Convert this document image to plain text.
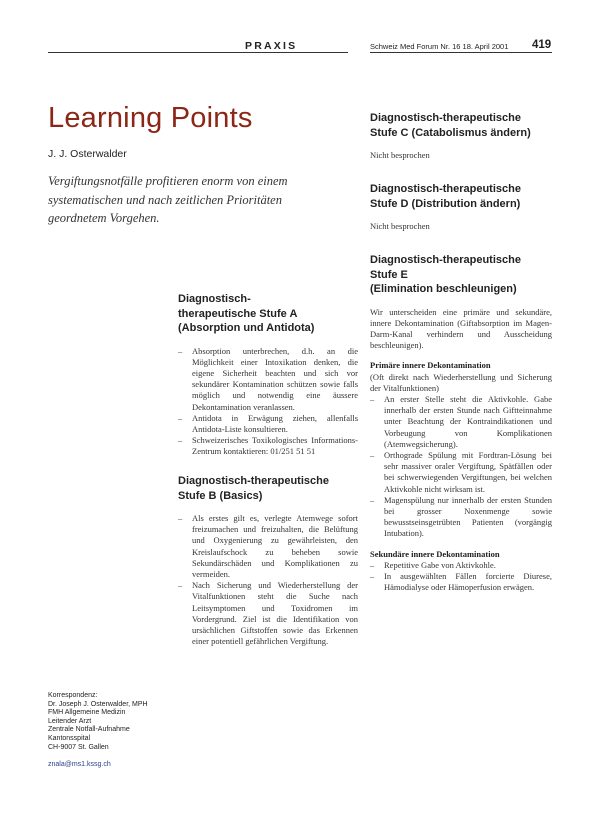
PRAXIS	Schweiz Med Forum Nr. 16 18. April 2001 419
Learning Points
J. J. Osterwalder
Vergiftungsnotfälle profitieren enorm von einem systematischen und nach zeitlichen Prioritäten geordnetem Vorgehen.
Diagnostisch-
therapeutische Stufe A
(Absorption und Antidota)
– Absorption unterbrechen, d.h. an die Möglichkeit einer Intoxikation denken, die eigene Sicherheit beachten und sich vor sekundärer Kontamination schützen sowie falls möglich und notwendig eine äussere Dekontamination veranlassen.
– Antidota in Erwägung ziehen, allenfalls Antidota-Liste konsultieren.
– Schweizerisches Toxikologisches Informations-Zentrum kontaktieren: 01/251 51 51
Diagnostisch-therapeutische
Stufe B (Basics)
– Als erstes gilt es, verlegte Atemwege sofort freizumachen und freizuhalten, die Belüftung und Oxygenierung zu gewährleisten, den Kreislaufschock zu beheben sowie Sekundärschäden und Komplikationen zu vermeiden.
– Nach Sicherung und Wiederherstellung der Vitalfunktionen steht die Suche nach Leitsymptomen und Toxidromen im Vordergrund. Ziel ist die Identifikation von ursächlichen Giftstoffen sowie das Erkennen einer potentiell gefährlichen Vergiftung.
Diagnostisch-therapeutische
Stufe C (Catabolismus ändern)

Nicht besprochen

Diagnostisch-therapeutische
Stufe D (Distribution ändern)

Nicht besprochen

Diagnostisch-therapeutische
Stufe E
(Elimination beschleunigen)

Wir unterscheiden eine primäre und sekundäre, innere Dekontamination (Giftabsorption im Magen-Darm-Kanal verhindern und Ausscheidung beschleunigen).

Primäre innere Dekontamination

(Oft direkt nach Wiederherstellung und Sicherung der Vitalfunktionen)

– An erster Stelle steht die Aktivkohle. Gabe innerhalb der ersten Stunde nach Giftteinnahme unter Beachtung der Kontraindikationen und Vorbeugung von Komplikationen (Atemwegsicherung).
– Orthograde Spülung mit Fordtran-Lösung bei sehr massiver oraler Vergiftung, Spätfällen oder bei schwerwiegenden Vergiftungen, bei welchen Aktivkohle nicht wirksam ist.
– Magenspülung nur innerhalb der ersten Stunden bei grosser Noxenmenge sowie bewusstseinsgetrübten Patienten (vorgängig Intubation).

Sekundäre innere Dekontamination

– Repetitive Gabe von Aktivkohle.
– In ausgewählten Fällen forcierte Diurese, Hämodialyse oder Hämoperfusion erwägen.
Korrespondenz:
Dr. Joseph J. Osterwalder, MPH
FMH Allgemeine Medizin
Leitender Arzt
Zentrale Notfall-Aufnahme
Kantonsspital
CH-9007 St. Gallen
znala@ms1.kssg.ch
